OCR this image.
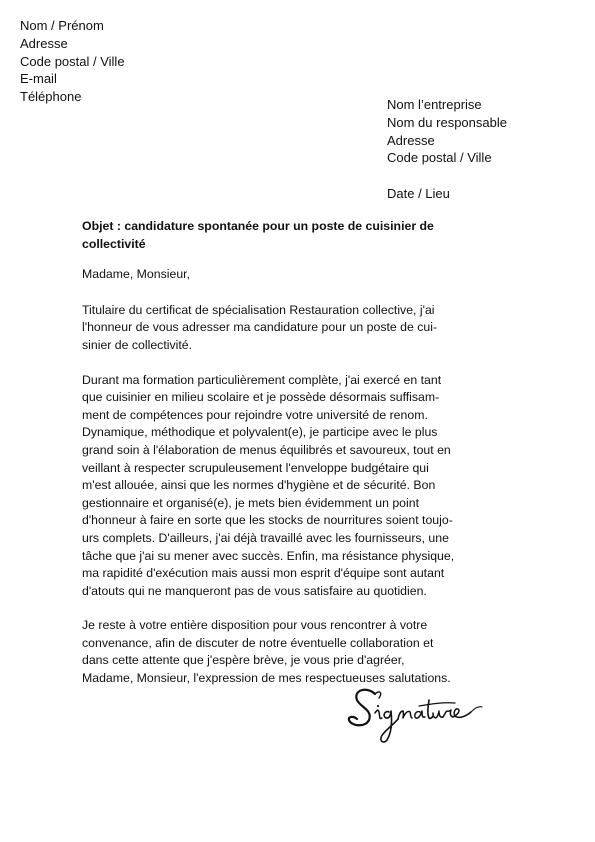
Nom / Prénom
Adresse
Code postal / Ville
E-mail
Téléphone
Nom l’entreprise
Nom du responsable
Adresse
Code postal / Ville
Date / Lieu
Objet : candidature spontanée pour un poste de cuisinier de
collectivité
Madame, Monsieur,
Titulaire du certificat de spécialisation Restauration collective, j'ai
l'honneur de vous adresser ma candidature pour un poste de cui-
sinier de collectivité.
Durant ma formation particulièrement complète, j'ai exercé en tant
que cuisinier en milieu scolaire et je possède désormais suffisam-
ment de compétences pour rejoindre votre université de renom.
Dynamique, méthodique et polyvalent(e), je participe avec le plus
grand soin à l'élaboration de menus équilibrés et savoureux, tout en
veillant à respecter scrupuleusement l'enveloppe budgétaire qui
m'est allouée, ainsi que les normes d'hygiène et de sécurité. Bon
gestionnaire et organisé(e), je mets bien évidemment un point
d'honneur à faire en sorte que les stocks de nourritures soient toujo-
urs complets. D'ailleurs, j'ai déjà travaillé avec les fournisseurs, une
tâche que j'ai su mener avec succès. Enfin, ma résistance physique,
ma rapidité d'exécution mais aussi mon esprit d'équipe sont autant
d'atouts qui ne manqueront pas de vous satisfaire au quotidien.
Je reste à votre entière disposition pour vous rencontrer à votre
convenance, afin de discuter de notre éventuelle collaboration et
dans cette attente que j'espère brève, je vous prie d'agréer,
Madame, Monsieur, l'expression de mes respectueuses salutations.
